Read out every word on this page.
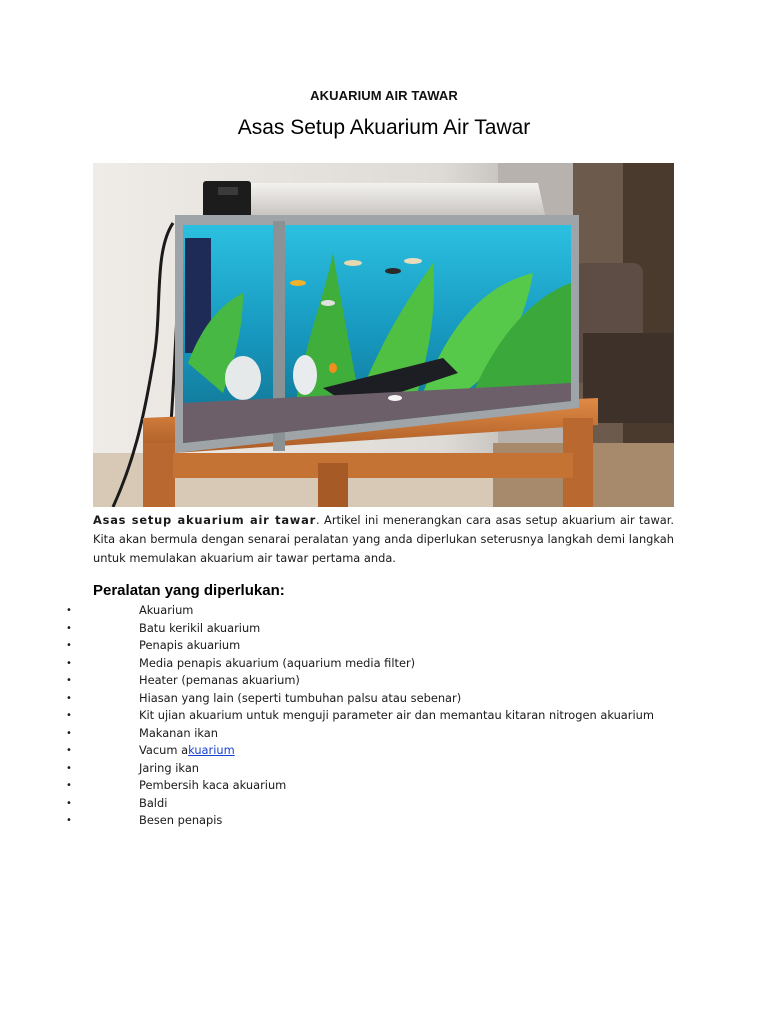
AKUARIUM AIR TAWAR
Asas Setup Akuarium Air Tawar
Asas setup akuarium air tawar. Artikel ini menerangkan cara asas setup akuarium air tawar. Kita akan bermula dengan senarai peralatan yang anda diperlukan seterusnya langkah demi langkah untuk memulakan akuarium air tawar pertama anda.
Peralatan yang diperlukan:
•	Akuarium
•	Batu kerikil akuarium
•	Penapis akuarium
•	Media penapis akuarium (aquarium media filter)
•	Heater (pemanas akuarium)
•	Hiasan yang lain (seperti tumbuhan palsu atau sebenar)
•	Kit ujian akuarium untuk menguji parameter air dan memantau kitaran nitrogen akuarium
•	Makanan ikan
•	Vacum akuarium
•	Jaring ikan
•	Pembersih kaca akuarium
•	Baldi
•	Besen penapis
